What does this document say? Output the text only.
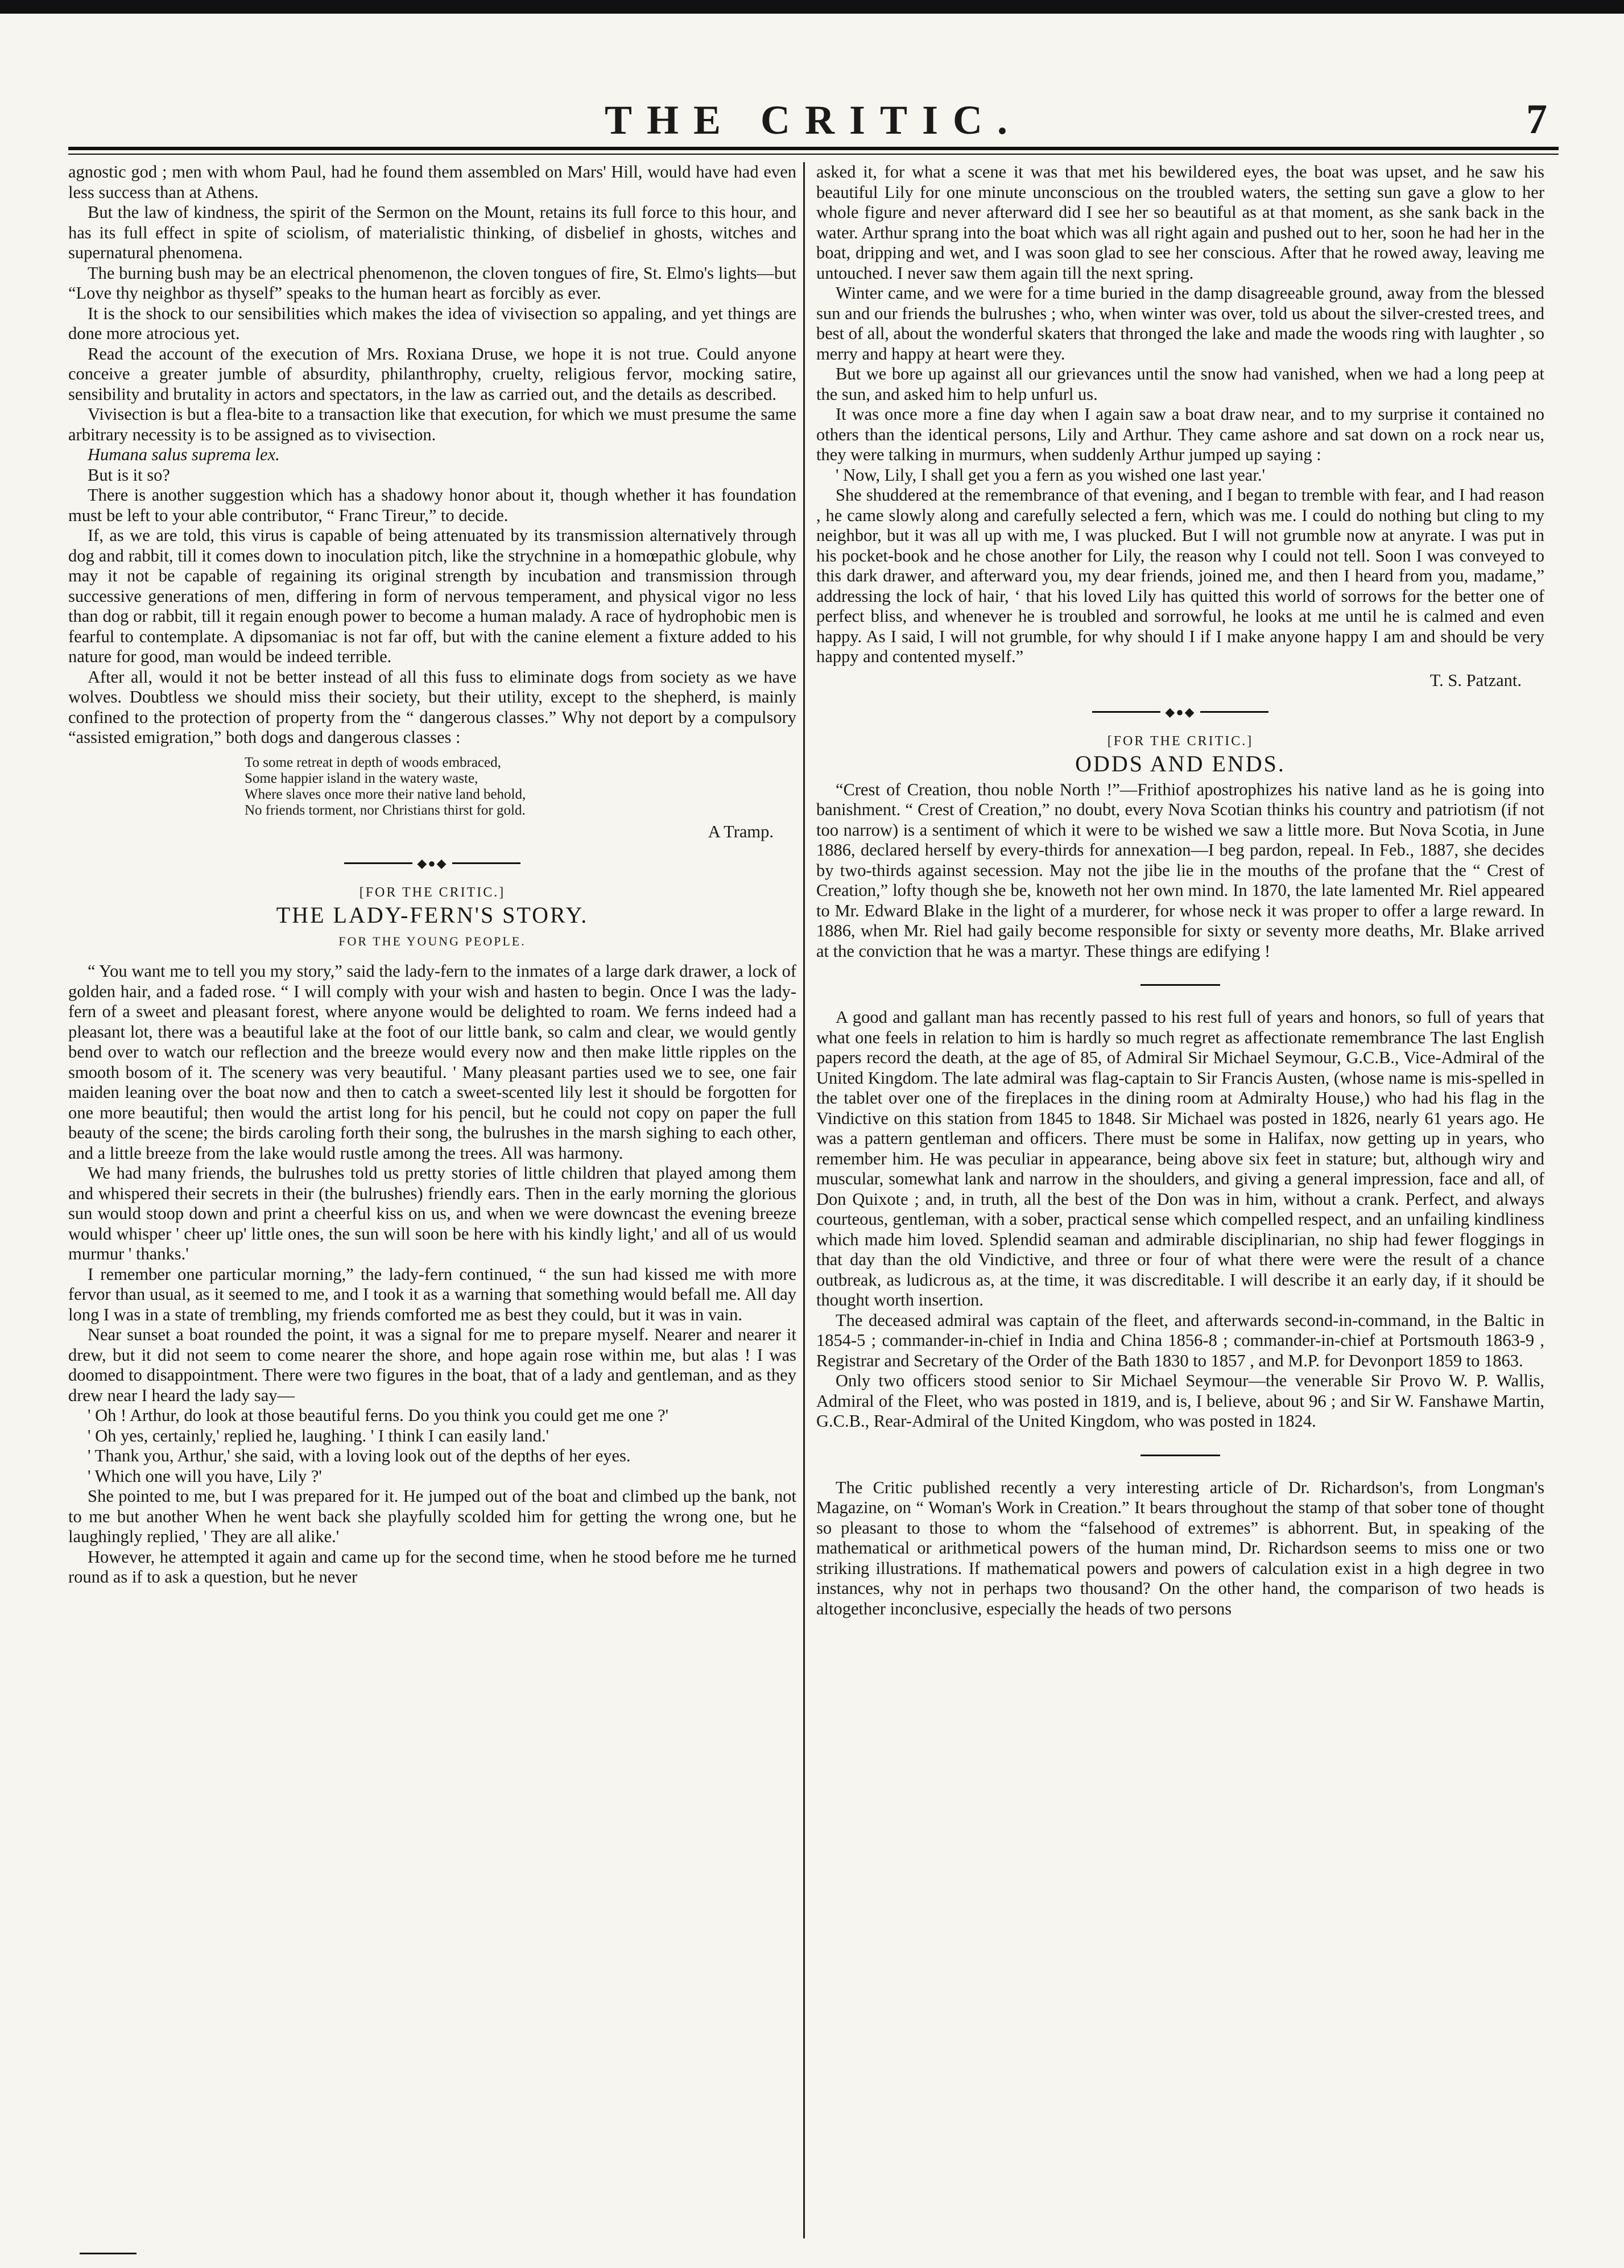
THE CRITIC.	7

agnostic god ; men with whom Paul, had he found them assembled on Mars' Hill, would have had even less success than at Athens.

But the law of kindness, the spirit of the Sermon on the Mount, retains its full force to this hour, and has its full effect in spite of sciolism, of materialistic thinking, of disbelief in ghosts, witches and supernatural phenomena.

The burning bush may be an electrical phenomenon, the cloven tongues of fire, St. Elmo's lights—but “Love thy neighbor as thyself” speaks to the human heart as forcibly as ever.

It is the shock to our sensibilities which makes the idea of vivisection so appaling, and yet things are done more atrocious yet.

Read the account of the execution of Mrs. Roxiana Druse, we hope it is not true. Could anyone conceive a greater jumble of absurdity, philanthrophy, cruelty, religious fervor, mocking satire, sensibility and brutality in actors and spectators, in the law as carried out, and the details as described.

Vivisection is but a flea-bite to a transaction like that execution, for which we must presume the same arbitrary necessity is to be assigned as to vivisection.

Humana salus suprema lex.

But is it so?

There is another suggestion which has a shadowy honor about it, though whether it has foundation must be left to your able contributor, “ Franc Tireur,” to decide.

If, as we are told, this virus is capable of being attenuated by its transmission alternatively through dog and rabbit, till it comes down to inoculation pitch, like the strychnine in a homœpathic globule, why may it not be capable of regaining its original strength by incubation and transmission through successive generations of men, differing in form of nervous temperament, and physical vigor no less than dog or rabbit, till it regain enough power to become a human malady. A race of hydrophobic men is fearful to contemplate. A dipsomaniac is not far off, but with the canine element a fixture added to his nature for good, man would be indeed terrible.

After all, would it not be better instead of all this fuss to eliminate dogs from society as we have wolves. Doubtless we should miss their society, but their utility, except to the shepherd, is mainly confined to the protection of property from the “ dangerous classes.” Why not deport by a compulsory “assisted emigration,” both dogs and dangerous classes :

To some retreat in depth of woods embraced,
Some happier island in the watery waste,
Where slaves once more their native land behold,
No friends torment, nor Christians thirst for gold.
A Tramp.
◆●◆
[FOR THE CRITIC.]
THE LADY-FERN'S STORY.
FOR THE YOUNG PEOPLE.

“ You want me to tell you my story,” said the lady-fern to the inmates of a large dark drawer, a lock of golden hair, and a faded rose. “ I will comply with your wish and hasten to begin. Once I was the lady-fern of a sweet and pleasant forest, where anyone would be delighted to roam. We ferns indeed had a pleasant lot, there was a beautiful lake at the foot of our little bank, so calm and clear, we would gently bend over to watch our reflection and the breeze would every now and then make little ripples on the smooth bosom of it. The scenery was very beautiful. ' Many pleasant parties used we to see, one fair maiden leaning over the boat now and then to catch a sweet-scented lily lest it should be forgotten for one more beautiful; then would the artist long for his pencil, but he could not copy on paper the full beauty of the scene; the birds caroling forth their song, the bulrushes in the marsh sighing to each other, and a little breeze from the lake would rustle among the trees. All was harmony.

We had many friends, the bulrushes told us pretty stories of little children that played among them and whispered their secrets in their (the bulrushes) friendly ears. Then in the early morning the glorious sun would stoop down and print a cheerful kiss on us, and when we were downcast the evening breeze would whisper ' cheer up' little ones, the sun will soon be here with his kindly light,' and all of us would murmur ' thanks.'

I remember one particular morning,” the lady-fern continued, “ the sun had kissed me with more fervor than usual, as it seemed to me, and I took it as a warning that something would befall me. All day long I was in a state of trembling, my friends comforted me as best they could, but it was in vain.

Near sunset a boat rounded the point, it was a signal for me to prepare myself. Nearer and nearer it drew, but it did not seem to come nearer the shore, and hope again rose within me, but alas ! I was doomed to disappointment. There were two figures in the boat, that of a lady and gentleman, and as they drew near I heard the lady say—

' Oh ! Arthur, do look at those beautiful ferns. Do you think you could get me one ?'

' Oh yes, certainly,' replied he, laughing. ' I think I can easily land.'

' Thank you, Arthur,' she said, with a loving look out of the depths of her eyes.

' Which one will you have, Lily ?'

She pointed to me, but I was prepared for it. He jumped out of the boat and climbed up the bank, not to me but another When he went back she playfully scolded him for getting the wrong one, but he laughingly replied, ' They are all alike.'

However, he attempted it again and came up for the second time, when he stood before me he turned round as if to ask a question, but he never

asked it, for what a scene it was that met his bewildered eyes, the boat was upset, and he saw his beautiful Lily for one minute unconscious on the troubled waters, the setting sun gave a glow to her whole figure and never afterward did I see her so beautiful as at that moment, as she sank back in the water. Arthur sprang into the boat which was all right again and pushed out to her, soon he had her in the boat, dripping and wet, and I was soon glad to see her conscious. After that he rowed away, leaving me untouched. I never saw them again till the next spring.

Winter came, and we were for a time buried in the damp disagreeable ground, away from the blessed sun and our friends the bulrushes ; who, when winter was over, told us about the silver-crested trees, and best of all, about the wonderful skaters that thronged the lake and made the woods ring with laughter , so merry and happy at heart were they.

But we bore up against all our grievances until the snow had vanished, when we had a long peep at the sun, and asked him to help unfurl us.

It was once more a fine day when I again saw a boat draw near, and to my surprise it contained no others than the identical persons, Lily and Arthur. They came ashore and sat down on a rock near us, they were talking in murmurs, when suddenly Arthur jumped up saying :

' Now, Lily, I shall get you a fern as you wished one last year.'

She shuddered at the remembrance of that evening, and I began to tremble with fear, and I had reason , he came slowly along and carefully selected a fern, which was me. I could do nothing but cling to my neighbor, but it was all up with me, I was plucked. But I will not grumble now at anyrate. I was put in his pocket-book and he chose another for Lily, the reason why I could not tell. Soon I was conveyed to this dark drawer, and afterward you, my dear friends, joined me, and then I heard from you, madame,” addressing the lock of hair, ‘ that his loved Lily has quitted this world of sorrows for the better one of perfect bliss, and whenever he is troubled and sorrowful, he looks at me until he is calmed and even happy. As I said, I will not grumble, for why should I if I make anyone happy I am and should be very happy and contented myself.”

T. S. Patzant.
◆●◆
[FOR THE CRITIC.]
ODDS AND ENDS.

“Crest of Creation, thou noble North !”—Frithiof apostrophizes his native land as he is going into banishment. “ Crest of Creation,” no doubt, every Nova Scotian thinks his country and patriotism (if not too narrow) is a sentiment of which it were to be wished we saw a little more. But Nova Scotia, in June 1886, declared herself by every-thirds for annexation—I beg pardon, repeal. In Feb., 1887, she decides by two-thirds against secession. May not the jibe lie in the mouths of the profane that the “ Crest of Creation,” lofty though she be, knoweth not her own mind. In 1870, the late lamented Mr. Riel appeared to Mr. Edward Blake in the light of a murderer, for whose neck it was proper to offer a large reward. In 1886, when Mr. Riel had gaily become responsible for sixty or seventy more deaths, Mr. Blake arrived at the conviction that he was a martyr. These things are edifying !

A good and gallant man has recently passed to his rest full of years and honors, so full of years that what one feels in relation to him is hardly so much regret as affectionate remembrance The last English papers record the death, at the age of 85, of Admiral Sir Michael Seymour, G.C.B., Vice-Admiral of the United Kingdom. The late admiral was flag-captain to Sir Francis Austen, (whose name is mis-spelled in the tablet over one of the fireplaces in the dining room at Admiralty House,) who had his flag in the Vindictive on this station from 1845 to 1848. Sir Michael was posted in 1826, nearly 61 years ago. He was a pattern gentleman and officers. There must be some in Halifax, now getting up in years, who remember him. He was peculiar in appearance, being above six feet in stature; but, although wiry and muscular, somewhat lank and narrow in the shoulders, and giving a general impression, face and all, of Don Quixote ; and, in truth, all the best of the Don was in him, without a crank. Perfect, and always courteous, gentleman, with a sober, practical sense which compelled respect, and an unfailing kindliness which made him loved. Splendid seaman and admirable disciplinarian, no ship had fewer floggings in that day than the old Vindictive, and three or four of what there were were the result of a chance outbreak, as ludicrous as, at the time, it was discreditable. I will describe it an early day, if it should be thought worth insertion.

The deceased admiral was captain of the fleet, and afterwards second-in-command, in the Baltic in 1854-5 ; commander-in-chief in India and China 1856-8 ; commander-in-chief at Portsmouth 1863-9 , Registrar and Secretary of the Order of the Bath 1830 to 1857 , and M.P. for Devonport 1859 to 1863.

Only two officers stood senior to Sir Michael Seymour—the venerable Sir Provo W. P. Wallis, Admiral of the Fleet, who was posted in 1819, and is, I believe, about 96 ; and Sir W. Fanshawe Martin, G.C.B., Rear-Admiral of the United Kingdom, who was posted in 1824.

The Critic published recently a very interesting article of Dr. Richardson's, from Longman's Magazine, on “ Woman's Work in Creation.” It bears throughout the stamp of that sober tone of thought so pleasant to those to whom the “falsehood of extremes” is abhorrent. But, in speaking of the mathematical or arithmetical powers of the human mind, Dr. Richardson seems to miss one or two striking illustrations. If mathematical powers and powers of calculation exist in a high degree in two instances, why not in perhaps two thousand? On the other hand, the comparison of two heads is altogether inconclusive, especially the heads of two persons
